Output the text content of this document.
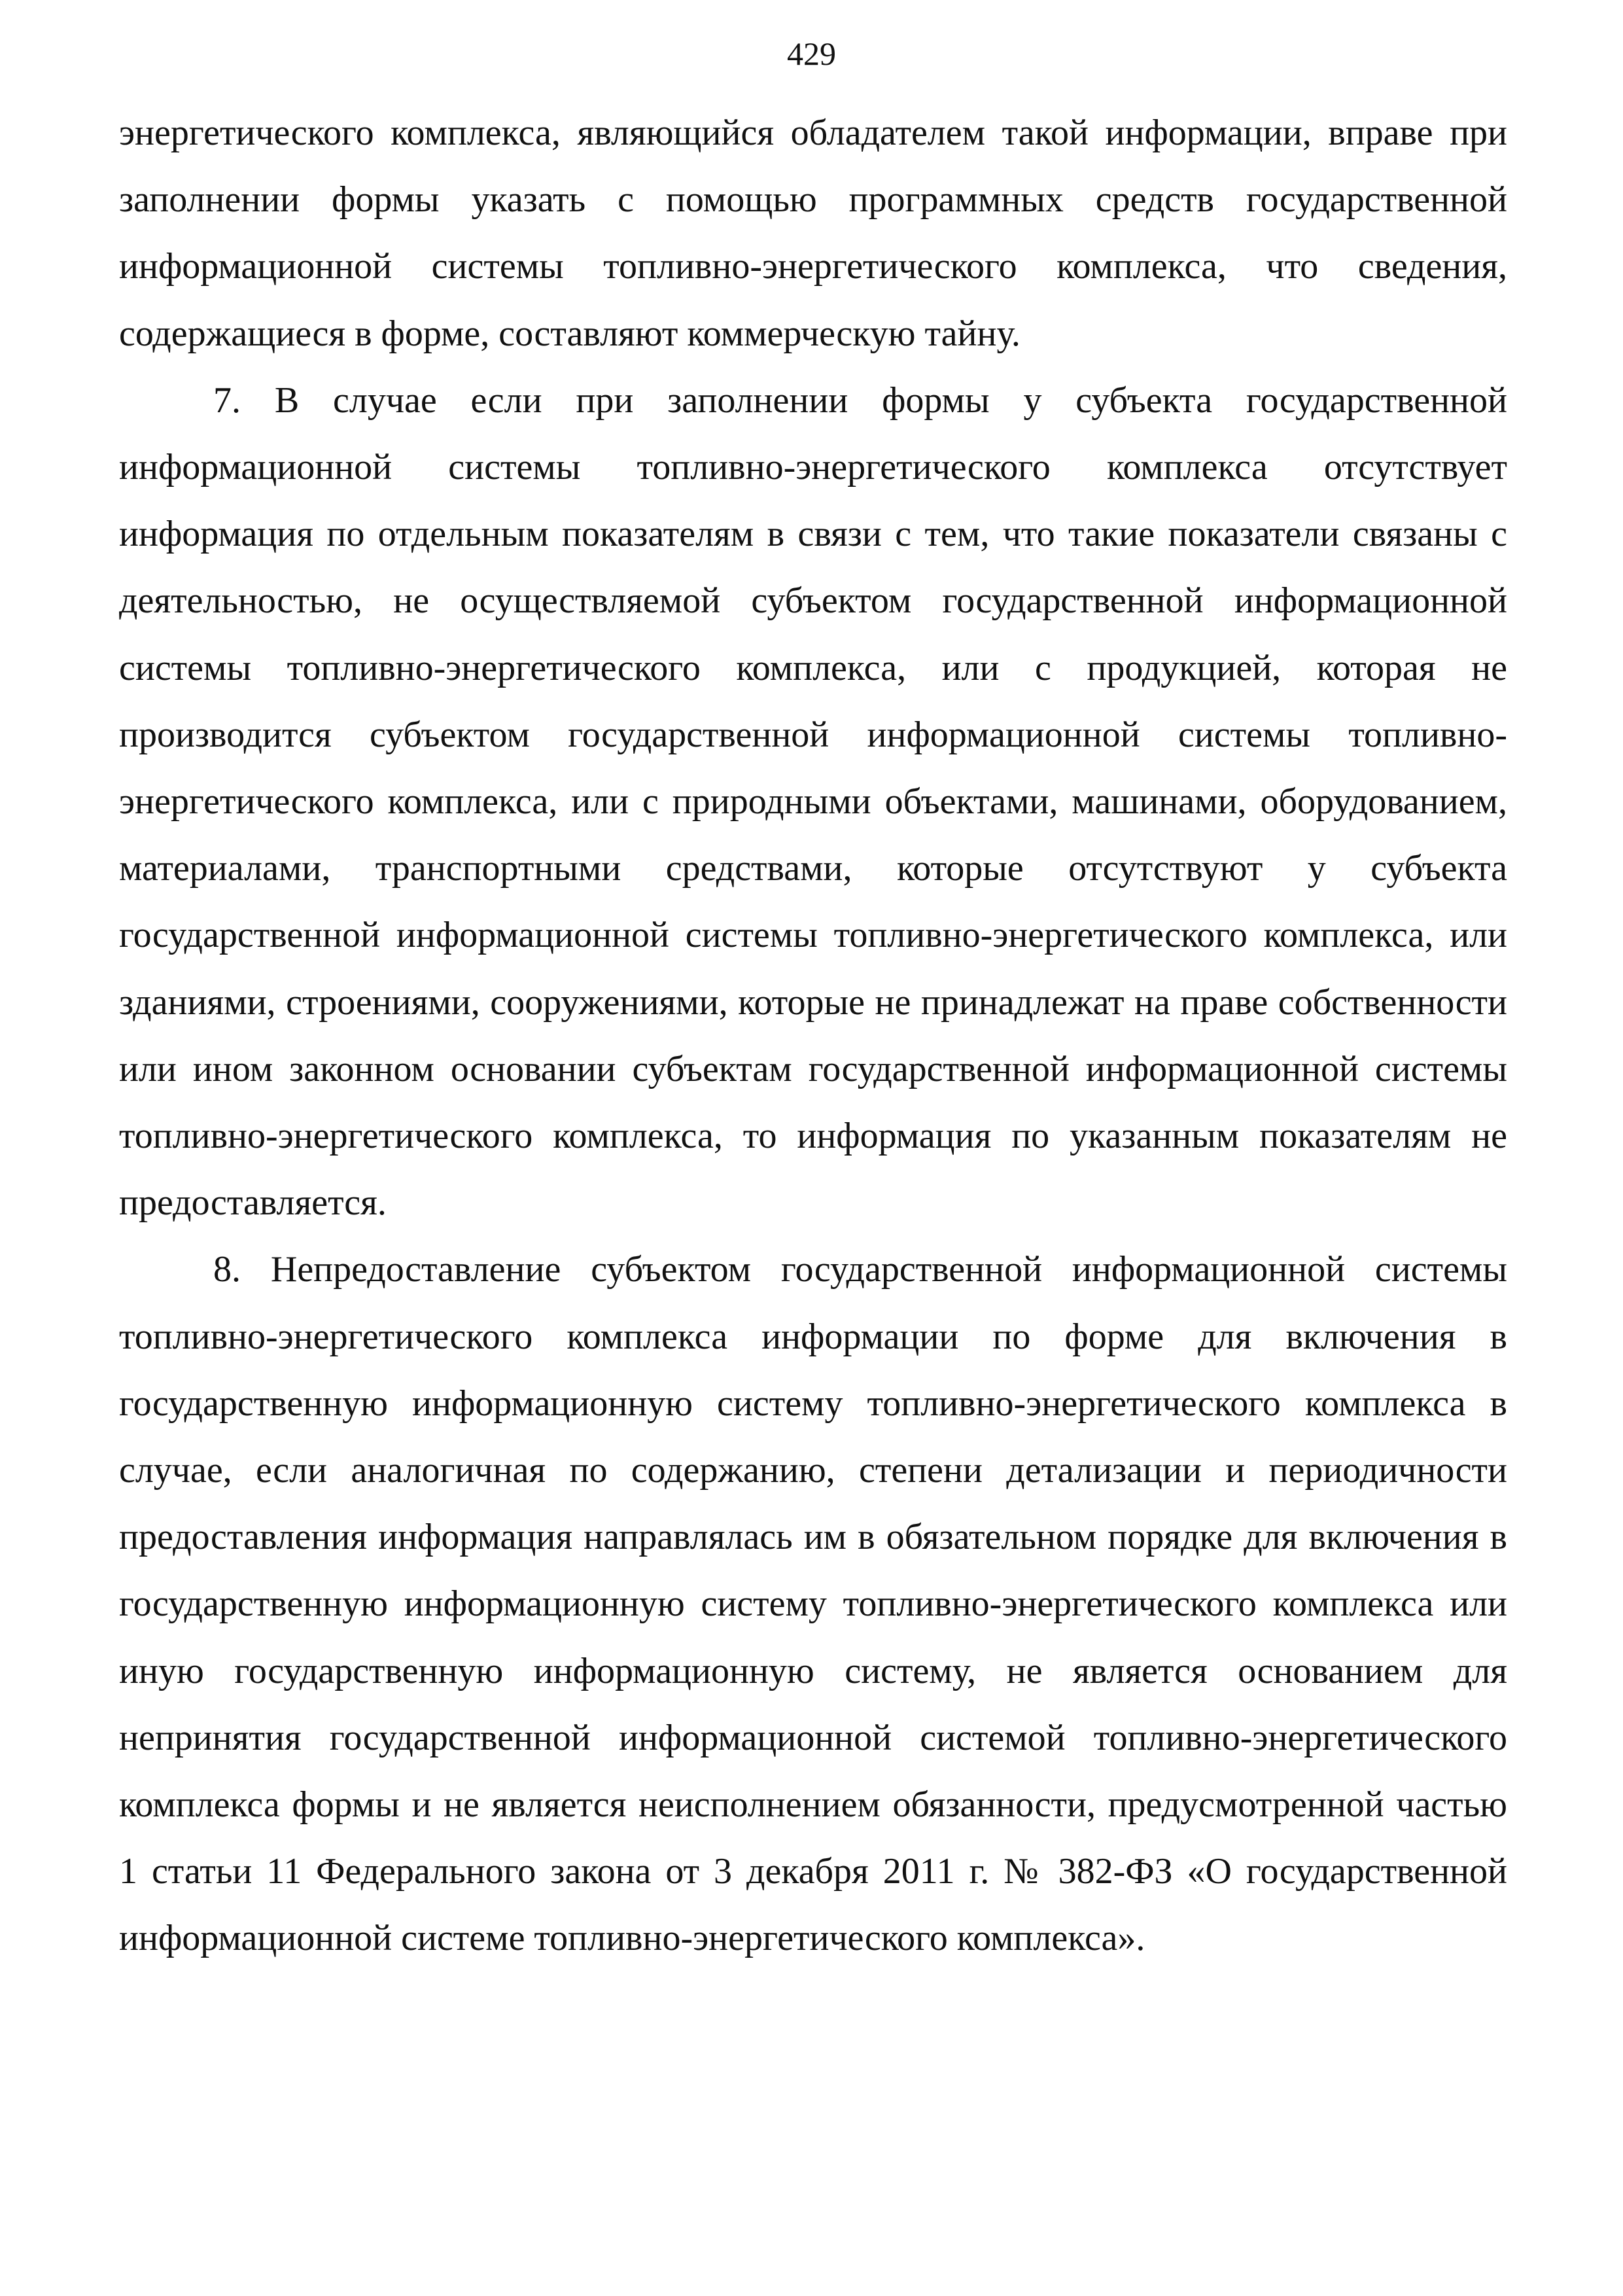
429

энергетического комплекса, являющийся обладателем такой информации, вправе при заполнении формы указать с помощью программных средств государственной информационной системы топливно-энергетического комплекса, что сведения, содержащиеся в форме, составляют коммерческую тайну.

7. В случае если при заполнении формы у субъекта государственной информационной системы топливно-энергетического комплекса отсутствует информация по отдельным показателям в связи с тем, что такие показатели связаны с деятельностью, не осуществляемой субъектом государственной информационной системы топливно-энергетического комплекса, или с продукцией, которая не производится субъектом государственной информационной системы топливно-энергетического комплекса, или с природными объектами, машинами, оборудованием, материалами, транспортными средствами, которые отсутствуют у субъекта государственной информационной системы топливно-энергетического комплекса, или зданиями, строениями, сооружениями, которые не принадлежат на праве собственности или ином законном основании субъектам государственной информационной системы топливно-энергетического комплекса, то информация по указанным показателям не предоставляется.

8. Непредоставление субъектом государственной информационной системы топливно-энергетического комплекса информации по форме для включения в государственную информационную систему топливно-энергетического комплекса в случае, если аналогичная по содержанию, степени детализации и периодичности предоставления информация направлялась им в обязательном порядке для включения в государственную информационную систему топливно-энергетического комплекса или иную государственную информационную систему, не является основанием для непринятия государственной информационной системой топливно-энергетического комплекса формы и не является неисполнением обязанности, предусмотренной частью 1 статьи 11 Федерального закона от 3 декабря 2011 г. № 382-ФЗ «О государственной информационной системе топливно-энергетического комплекса».
